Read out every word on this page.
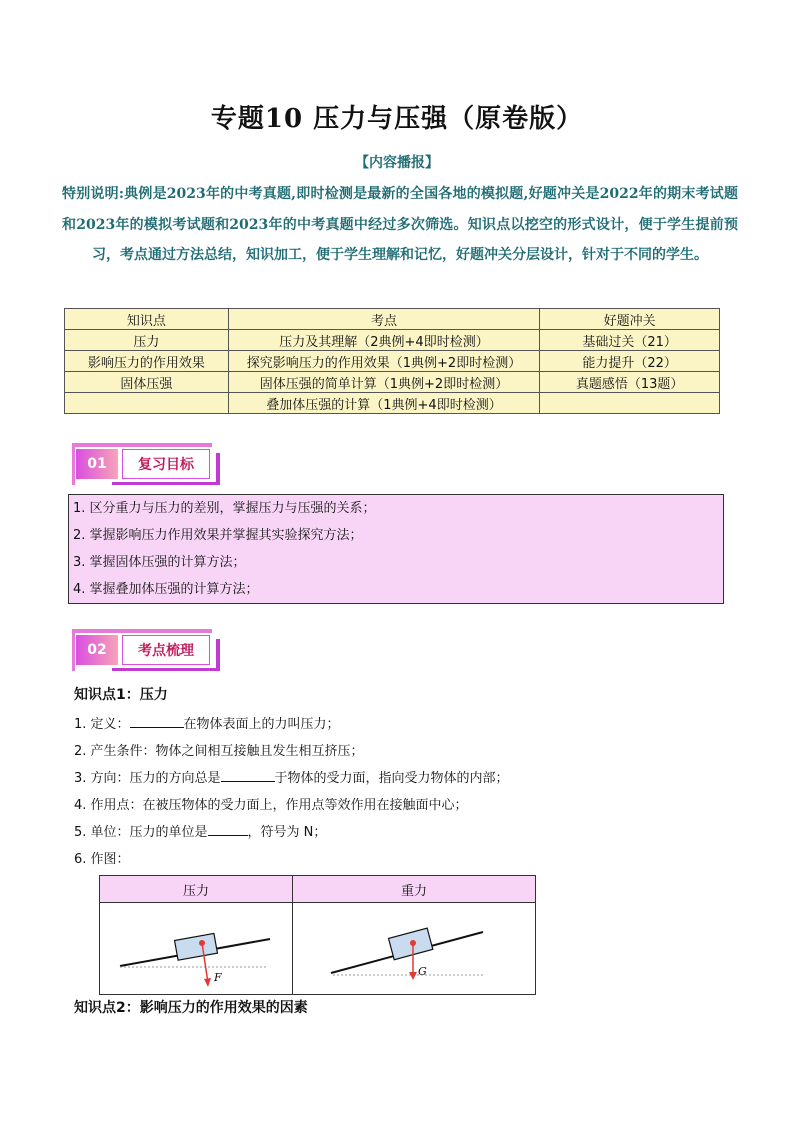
专题10 压力与压强（原卷版）
【内容播报】
特别说明:典例是2023年的中考真题,即时检测是最新的全国各地的模拟题,好题冲关是2022年的期末考试题和2023年的模拟考试题和2023年的中考真题中经过多次筛选。知识点以挖空的形式设计，便于学生提前预习，考点通过方法总结，知识加工，便于学生理解和记忆，好题冲关分层设计，针对于不同的学生。
知识点	考点	好题冲关
压力	压力及其理解（2典例+4即时检测）	基础过关（21）
影响压力的作用效果	探究影响压力的作用效果（1典例+2即时检测）	能力提升（22）
固体压强	固体压强的简单计算（1典例+2即时检测）	真题感悟（13题）
	叠加体压强的计算（1典例+4即时检测）	
01	复习目标
1. 区分重力与压力的差别，掌握压力与压强的关系；
2. 掌握影响压力作用效果并掌握其实验探究方法；
3. 掌握固体压强的计算方法；
4. 掌握叠加体压强的计算方法；
02	考点梳理
知识点1：压力
1. 定义：	在物体表面上的力叫压力；
2. 产生条件：物体之间相互接触且发生相互挤压；
3. 方向：压力的方向总是	于物体的受力面，指向受力物体的内部；
4. 作用点：在被压物体的受力面上，作用点等效作用在接触面中心；
5. 单位：压力的单位是	，符号为 N；
6. 作图：
压力	重力
F	G
知识点2：影响压力的作用效果的因素
